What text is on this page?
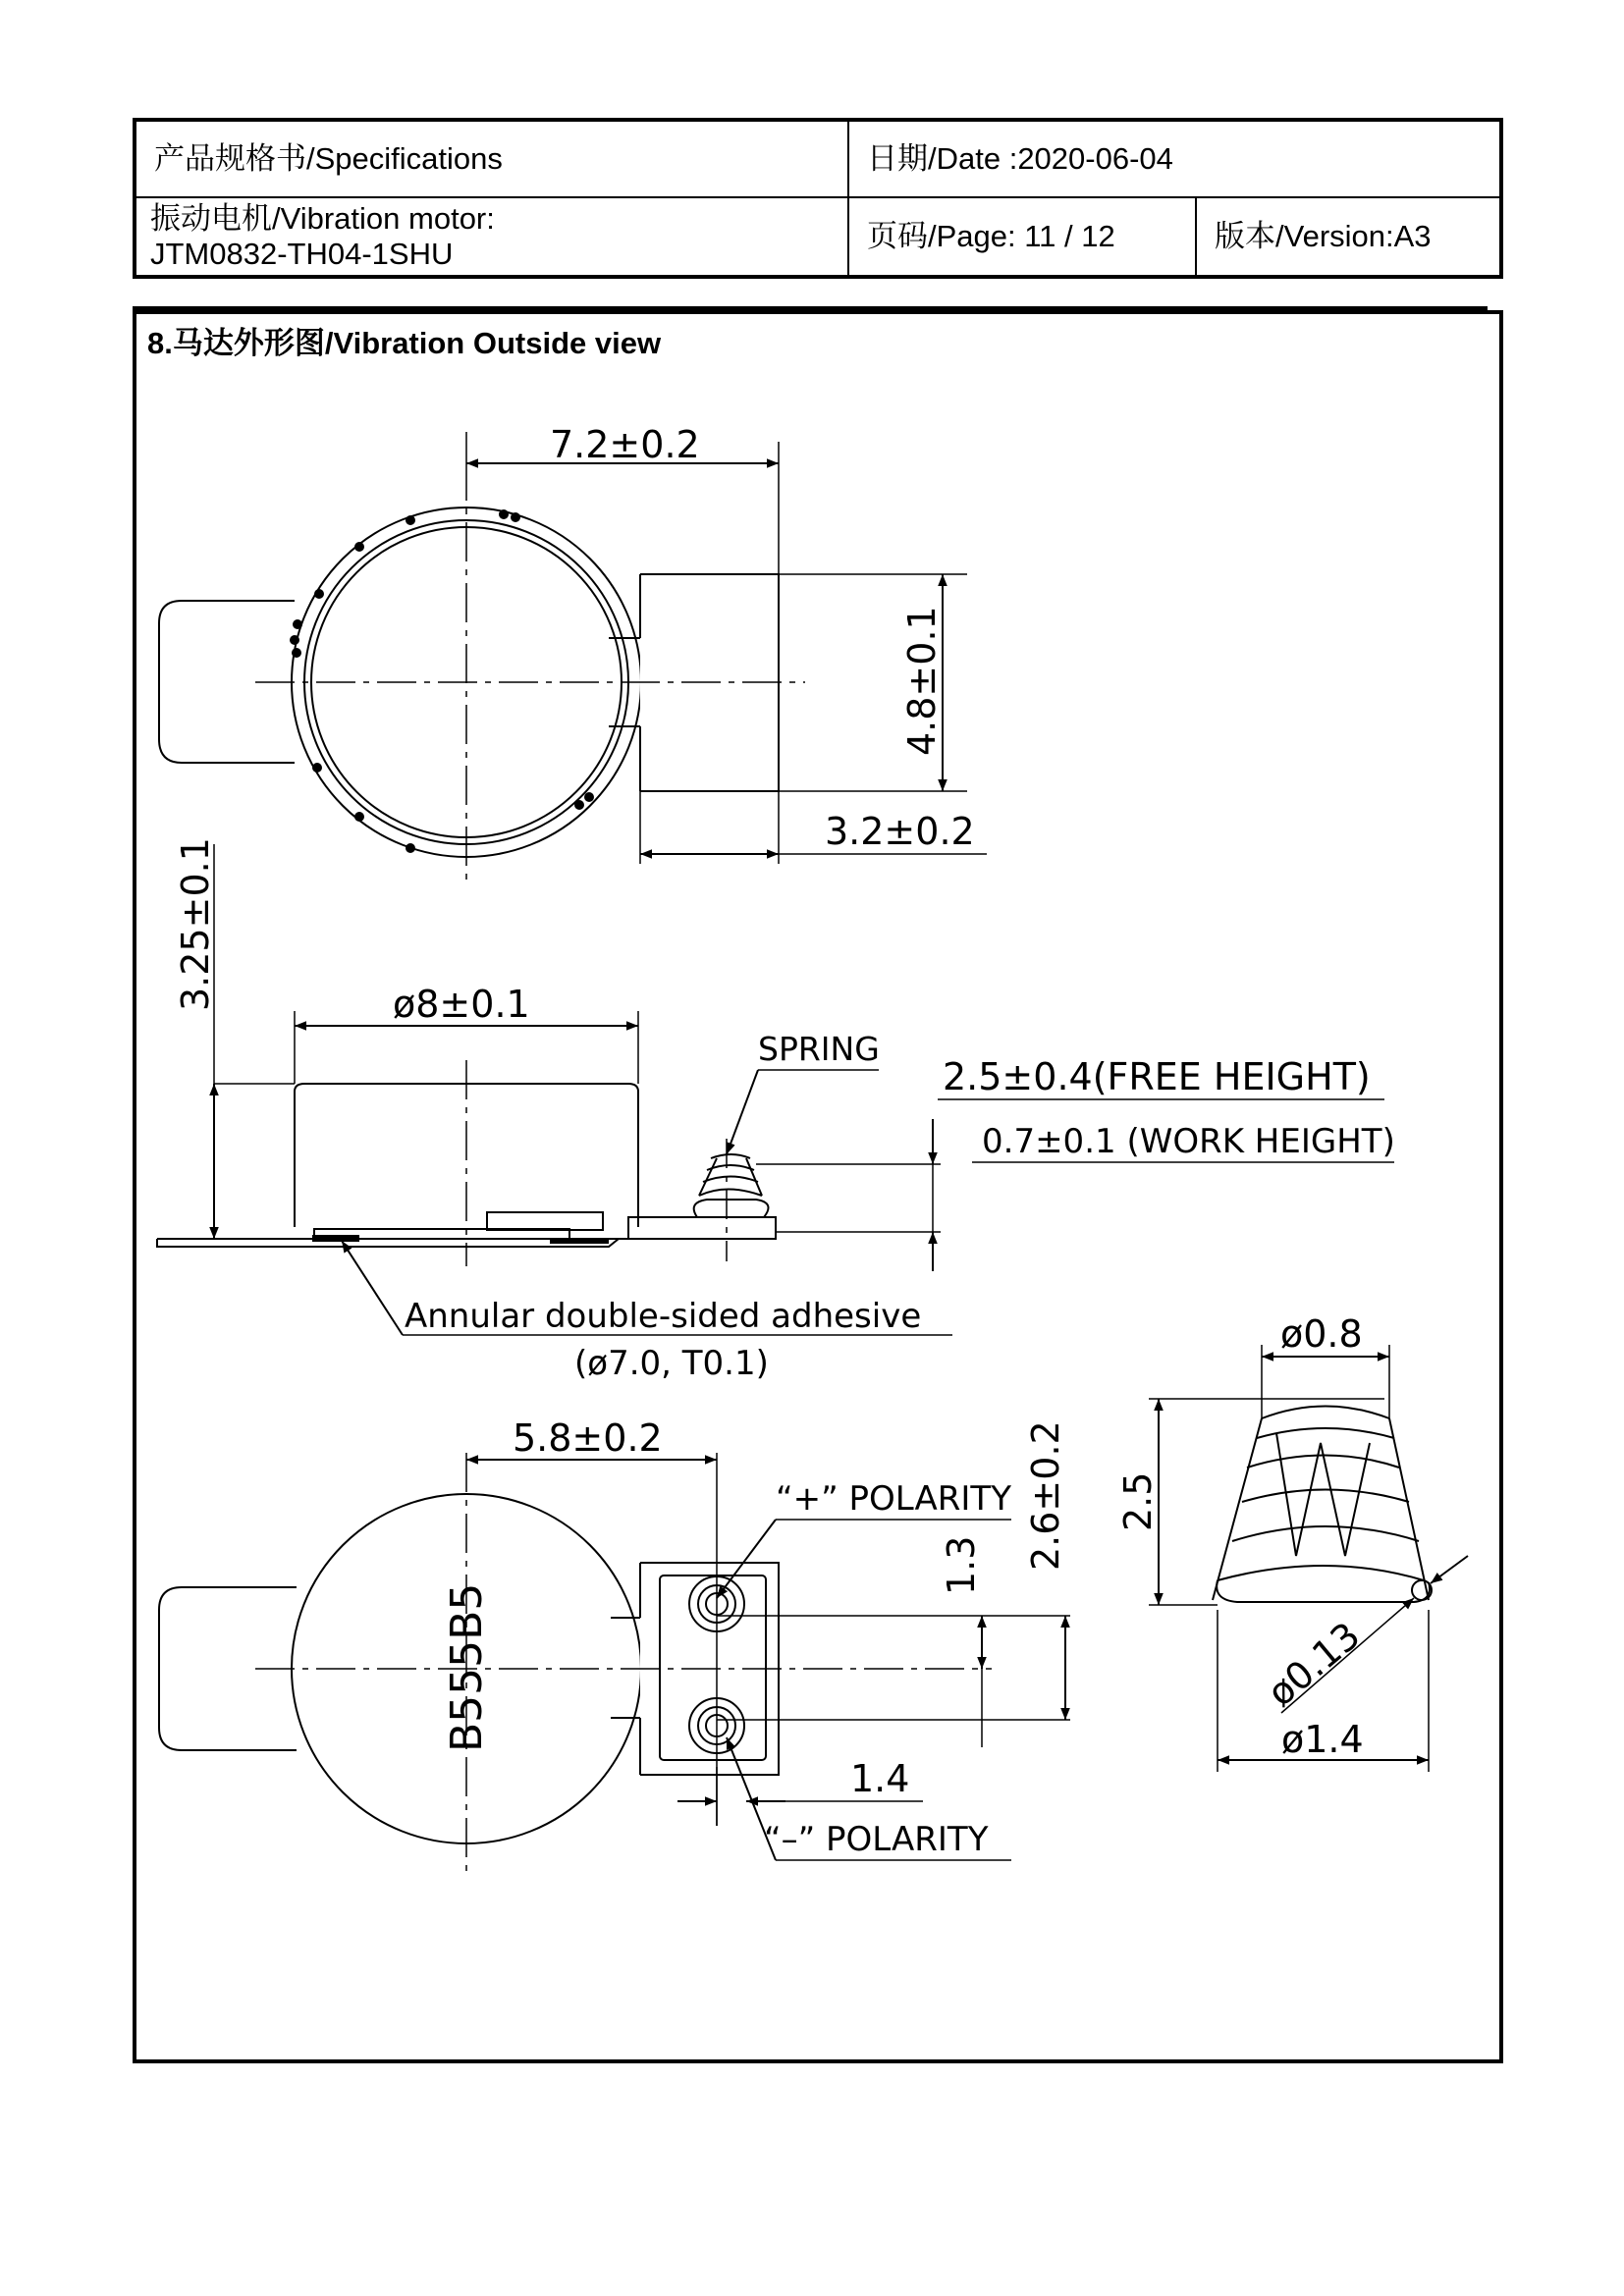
产品规格书/Specifications	日期/Date :2020-06-04
振动电机/Vibration motor:
JTM0832-TH04-1SHU
页码/Page: 11 / 12	版本/Version:A3
8.马达外形图/Vibration Outside view
7.2±0.2
4.8±0.1
3.2±0.2
3.25±0.1	ø8±0.1
SPRING
2.5±0.4(FREE HEIGHT)
0.7±0.1 (WORK HEIGHT)
Annular double-sided adhesive
(ø7.0, T0.1)
5.8±0.2
“+” POLARITY
“–” POLARITY
1.3 2.6±0.2
1.4
B555B5
ø0.8
2.5
ø0.13
ø1.4
